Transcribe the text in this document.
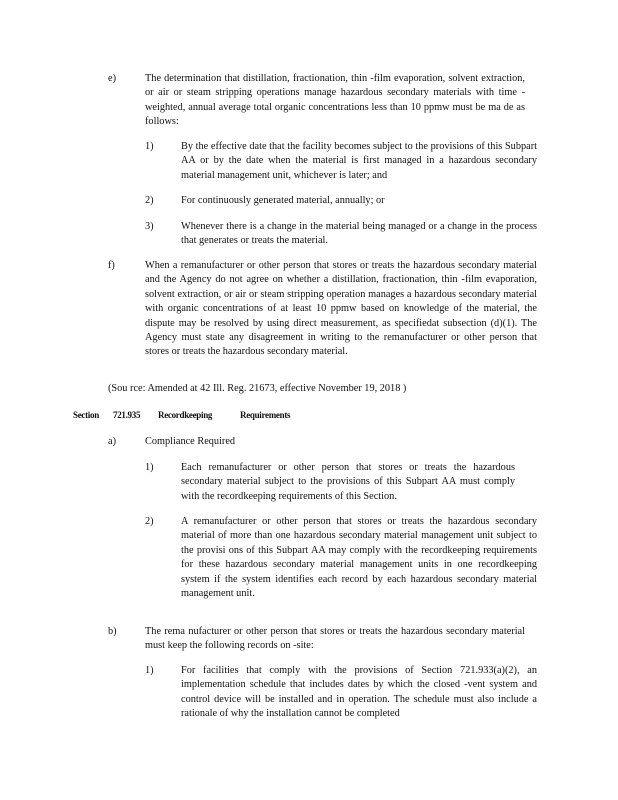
e)	The determination that distillation, fractionation, thin -film evaporation, solvent extraction, or air or steam stripping operations manage hazardous secondary materials with time -weighted, annual average total organic concentrations less than 10 ppmw must be ma de as follows:
1)	By the effective date that the facility becomes subject to the provisions of this Subpart AA or by the date when the material is first managed in a hazardous secondary material management unit, whichever is later; and
2)	For continuously generated material, annually; or
3)	Whenever there is a change in the material being managed or a change in the process that generates or treats the material.
f)	When a remanufacturer or other person that stores or treats the hazardous secondary material and the Agency do not agree on whether a distillation, fractionation, thin -film evaporation, solvent extraction, or air or steam stripping operation manages a hazardous secondary material with organic concentrations of at least 10 ppmw based on knowledge of the material, the dispute may be resolved by using direct measurement, as specifiedat subsection (d)(1). The Agency must state any disagreement in writing to the remanufacturer or other person that stores or treats the hazardous secondary material.
(Sou rce: Amended at 42 Ill. Reg. 21673, effective November 19, 2018 )
Section 721.935 Recordkeeping	Requirements
a)	Compliance Required
1)	Each remanufacturer or other person that stores or treats the hazardous secondary material subject to the provisions of this Subpart AA must comply with the recordkeeping requirements of this Section.
2)	A remanufacturer or other person that stores or treats the hazardous secondary material of more than one hazardous secondary material management unit subject to the provisi ons of this Subpart AA may comply with the recordkeeping requirements for these hazardous secondary material management units in one recordkeeping system if the system identifies each record by each hazardous secondary material management unit.
b)	The rema nufacturer or other person that stores or treats the hazardous secondary material must keep the following records on -site:
1)	For facilities that comply with the provisions of Section 721.933(a)(2), an implementation schedule that includes dates by which the closed -vent system and control device will be installed and in operation. The schedule must also include a rationale of why the installation cannot be completed
